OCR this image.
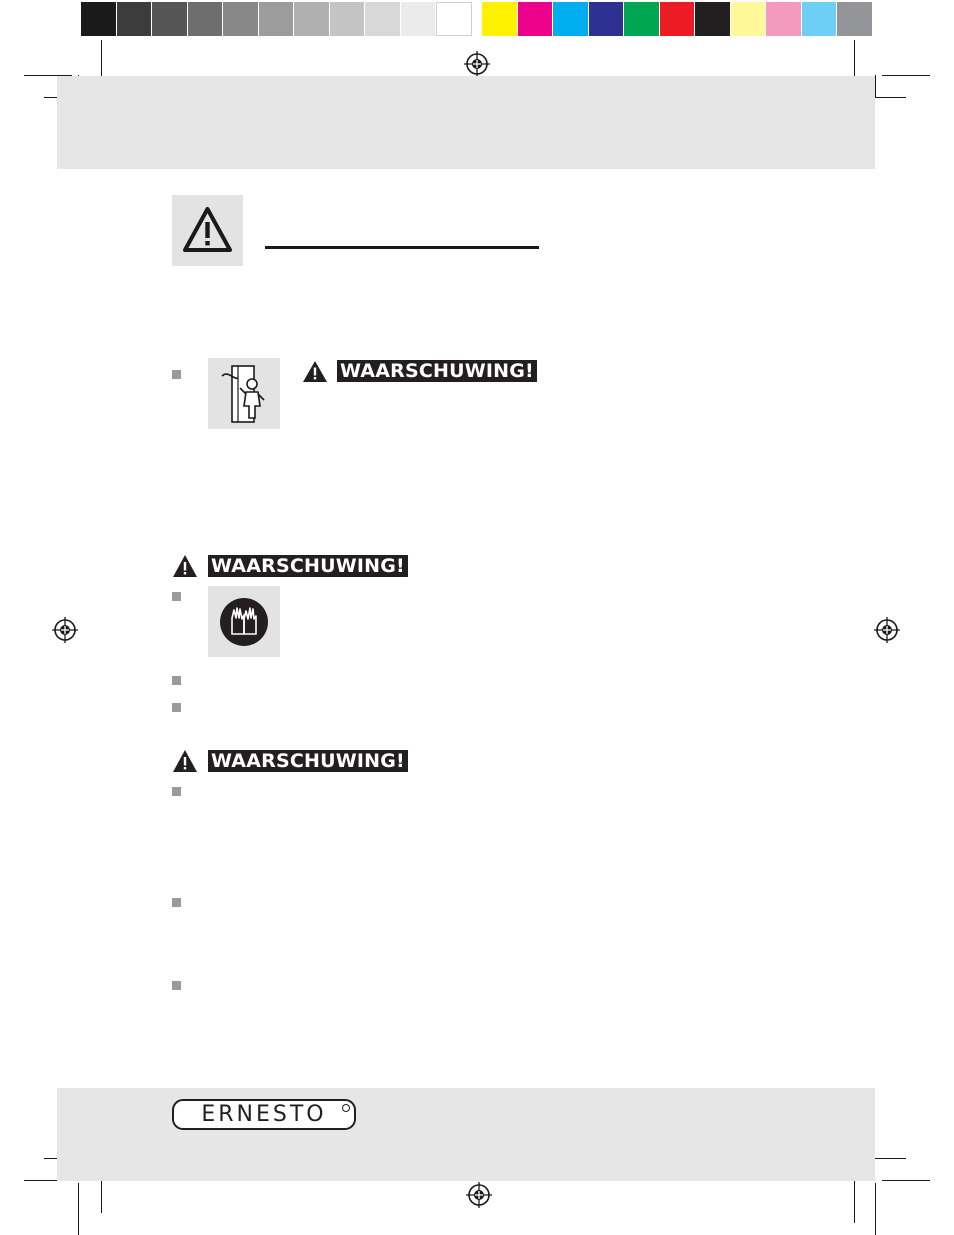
WAARSCHUWING!
WAARSCHUWING!
WAARSCHUWING!
ERNESTO
